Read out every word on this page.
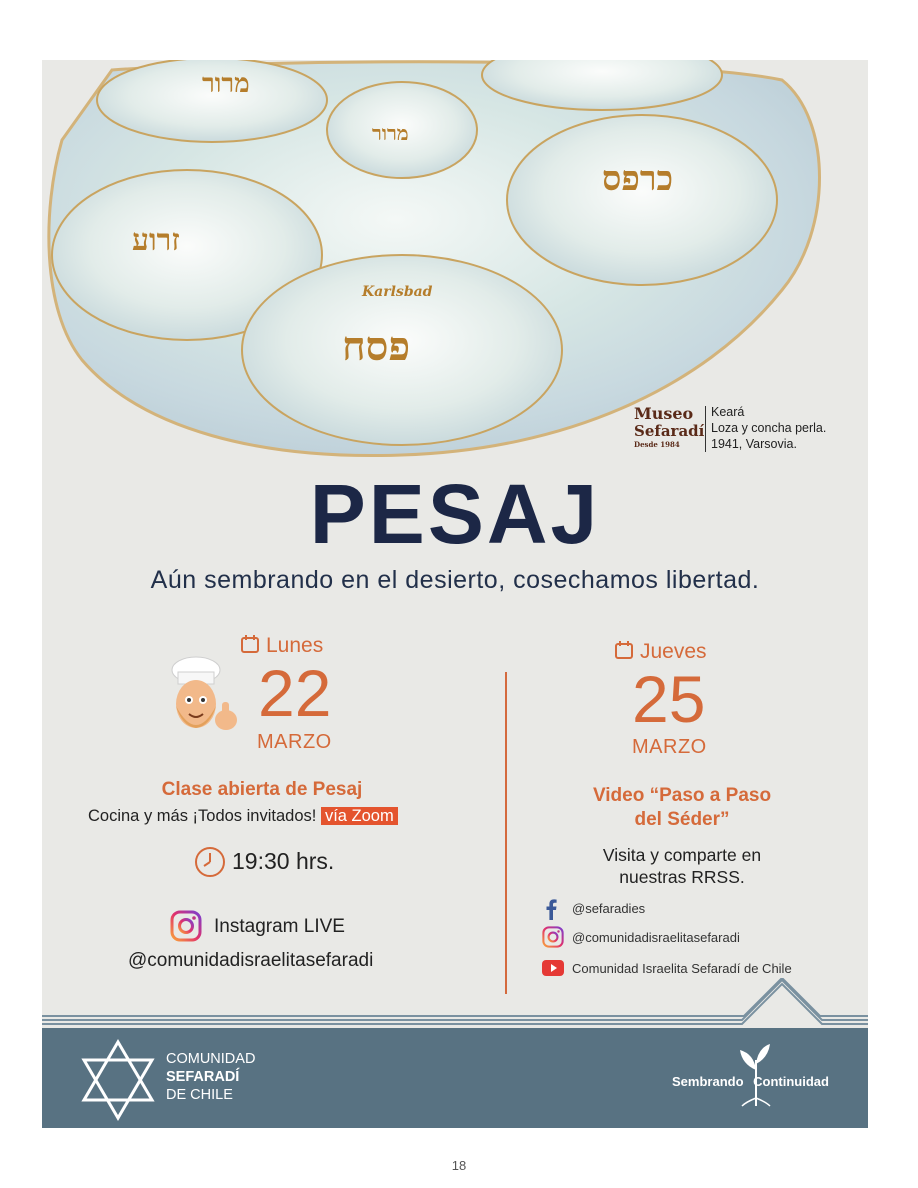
מרור
כרפס
מרור
פסח
זרוע
Karlsbad
Museo
Sefaradí
Desde 1984
Keará
Loza y concha perla.
1941, Varsovia.
PESAJ
Aún sembrando en el desierto, cosechamos libertad.
Lunes
22
MARZO
Clase abierta de Pesaj
Cocina y más ¡Todos invitados! vía Zoom
19:30 hrs.
Instagram LIVE
@comunidadisraelitasefaradi
Jueves
25
MARZO
Video “Paso a Paso
del Séder”
Visita y comparte en
nuestras RRSS.
@sefaradies
@comunidadisraelitasefaradi
Comunidad Israelita Sefaradí de Chile
COMUNIDAD
SEFARADÍ
DE CHILE
Sembrando Continuidad
18
